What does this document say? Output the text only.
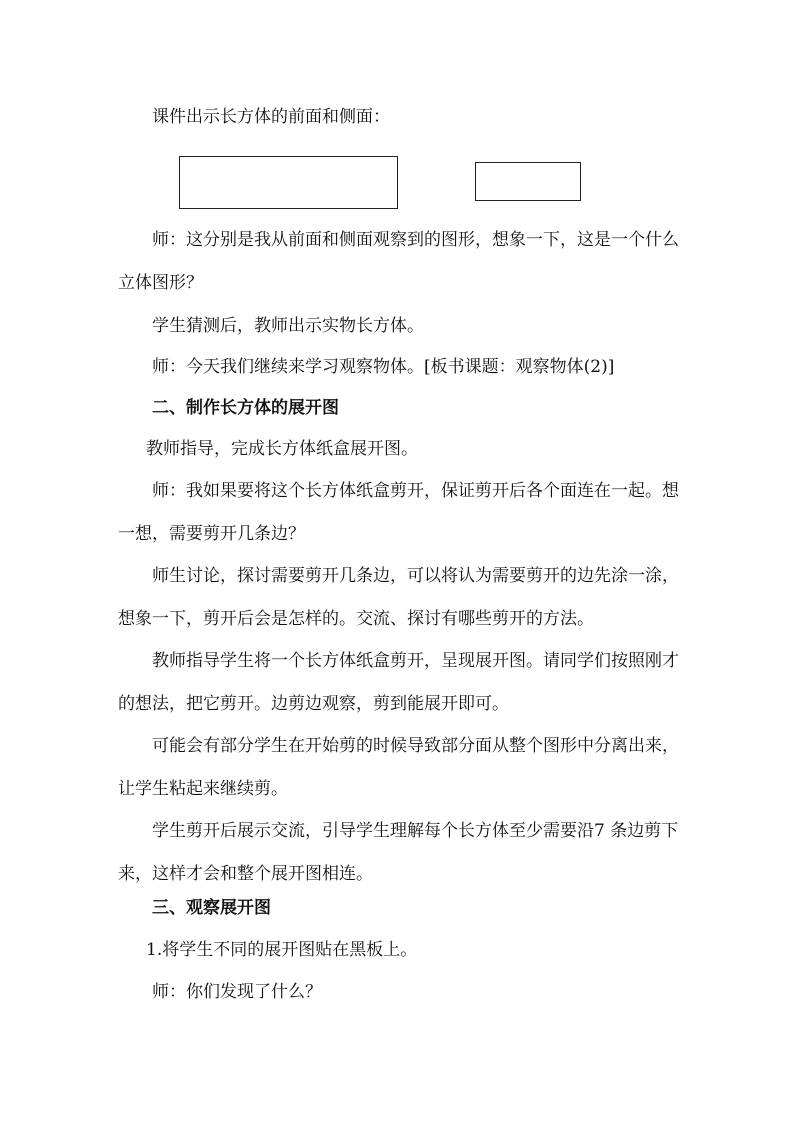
课件出示长方体的前面和侧面：

师：这分别是我从前面和侧面观察到的图形，想象一下，这是一个什么立体图形？

学生猜测后，教师出示实物长方体。

师：今天我们继续来学习观察物体。[板书课题：观察物体(2)]

二、制作长方体的展开图

教师指导，完成长方体纸盒展开图。

师：我如果要将这个长方体纸盒剪开，保证剪开后各个面连在一起。想一想，需要剪开几条边？

师生讨论，探讨需要剪开几条边，可以将认为需要剪开的边先涂一涂，想象一下，剪开后会是怎样的。交流、探讨有哪些剪开的方法。

教师指导学生将一个长方体纸盒剪开，呈现展开图。请同学们按照刚才的想法，把它剪开。边剪边观察，剪到能展开即可。

可能会有部分学生在开始剪的时候导致部分面从整个图形中分离出来，让学生粘起来继续剪。

学生剪开后展示交流，引导学生理解每个长方体至少需要沿7 条边剪下来，这样才会和整个展开图相连。

三、观察展开图

1.将学生不同的展开图贴在黑板上。

师：你们发现了什么？
